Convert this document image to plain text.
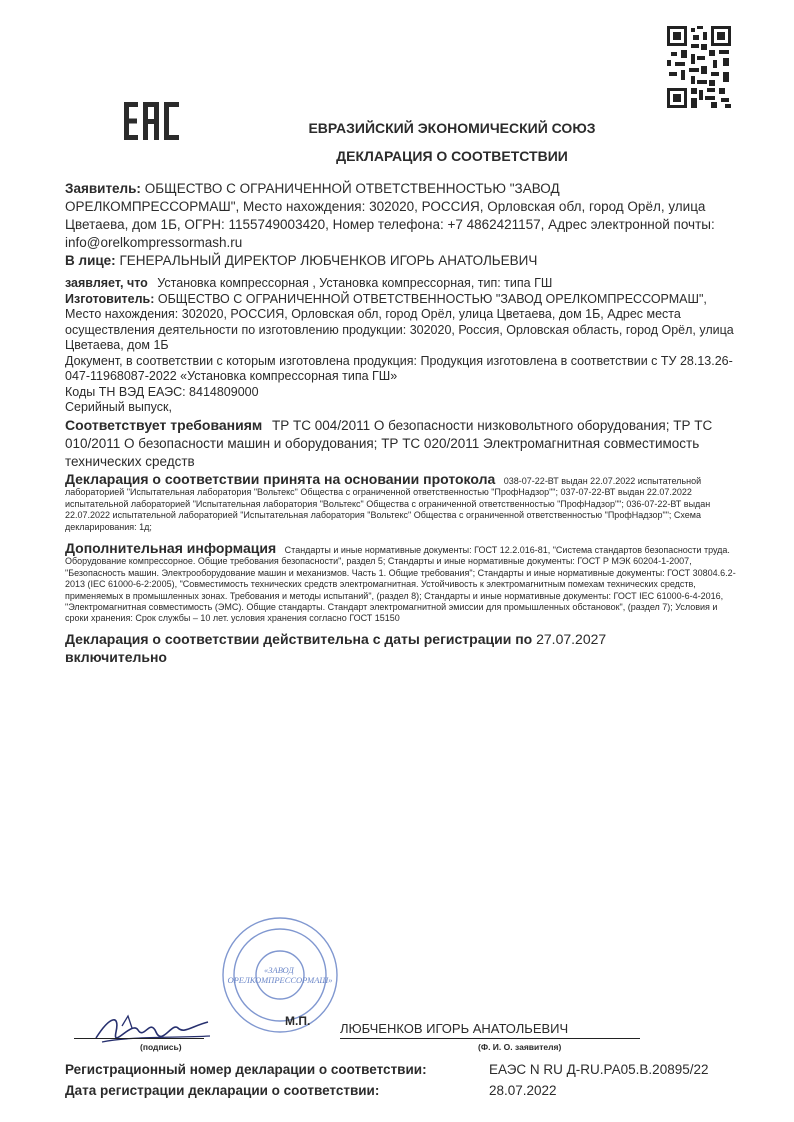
ЕВРАЗИЙСКИЙ ЭКОНОМИЧЕСКИЙ СОЮЗ
ДЕКЛАРАЦИЯ О СООТВЕТСТВИИ
Заявитель: ОБЩЕСТВО С ОГРАНИЧЕННОЙ ОТВЕТСТВЕННОСТЬЮ "ЗАВОД ОРЕЛКОМПРЕССОРМАШ", Место нахождения: 302020, РОССИЯ, Орловская обл, город Орёл, улица Цветаева, дом 1Б, ОГРН: 1155749003420, Номер телефона: +7 4862421157, Адрес электронной почты: info@orelkompressormash.ru
В лице: ГЕНЕРАЛЬНЫЙ ДИРЕКТОР ЛЮБЧЕНКОВ ИГОРЬ АНАТОЛЬЕВИЧ
заявляет, что Установка компрессорная , Установка компрессорная, тип: типа ГШ
Изготовитель: ОБЩЕСТВО С ОГРАНИЧЕННОЙ ОТВЕТСТВЕННОСТЬЮ "ЗАВОД ОРЕЛКОМПРЕССОРМАШ", Место нахождения: 302020, РОССИЯ, Орловская обл, город Орёл, улица Цветаева, дом 1Б, Адрес места осуществления деятельности по изготовлению продукции: 302020, Россия, Орловская область, город Орёл, улица Цветаева, дом 1Б
Документ, в соответствии с которым изготовлена продукция: Продукция изготовлена в соответствии с ТУ 28.13.26-047-11968087-2022 «Установка компрессорная типа ГШ»
Коды ТН ВЭД ЕАЭС: 8414809000
Серийный выпуск,
Соответствует требованиям ТР ТС 004/2011 О безопасности низковольтного оборудования; ТР ТС 010/2011 О безопасности машин и оборудования; ТР ТС 020/2011 Электромагнитная совместимость технических средств
Декларация о соответствии принята на основании протокола 038-07-22-ВТ выдан 22.07.2022 испытательной лабораторией "Испытательная лаборатория "Вольтекс" Общества с ограниченной ответственностью "ПрофНадзор""; 037-07-22-ВТ выдан 22.07.2022 испытательной лабораторией "Испытательная лаборатория "Вольтекс" Общества с ограниченной ответственностью "ПрофНадзор""; 036-07-22-ВТ выдан 22.07.2022 испытательной лабораторией "Испытательная лаборатория "Вольтекс" Общества с ограниченной ответственностью "ПрофНадзор""; Схема декларирования: 1д;
Дополнительная информация Стандарты и иные нормативные документы: ГОСТ 12.2.016-81, "Система стандартов безопасности труда. Оборудование компрессорное. Общие требования безопасности", раздел 5; Стандарты и иные нормативные документы: ГОСТ Р МЭК 60204-1-2007, "Безопасность машин. Электрооборудование машин и механизмов. Часть 1. Общие требования"; Стандарты и иные нормативные документы: ГОСТ 30804.6.2-2013 (IEC 61000-6-2:2005), "Совместимость технических средств электромагнитная. Устойчивость к электромагнитным помехам технических средств, применяемых в промышленных зонах. Требования и методы испытаний", (раздел 8); Стандарты и иные нормативные документы: ГОСТ IEC 61000-6-4-2016, "Электромагнитная совместимость (ЭМС). Общие стандарты. Стандарт электромагнитной эмиссии для промышленных обстановок", (раздел 7); Условия и сроки хранения: Срок службы – 10 лет. условия хранения согласно ГОСТ 15150
Декларация о соответствии действительна с даты регистрации по 27.07.2027
включительно
«ЗАВОД ОРЕЛКОМПРЕССОРМАШ»
М.П. ЛЮБЧЕНКОВ ИГОРЬ АНАТОЛЬЕВИЧ
(подпись)	(Ф. И. О. заявителя)
Регистрационный номер декларации о соответствии:	ЕАЭС N RU Д-RU.РА05.В.20895/22
Дата регистрации декларации о соответствии:	28.07.2022
